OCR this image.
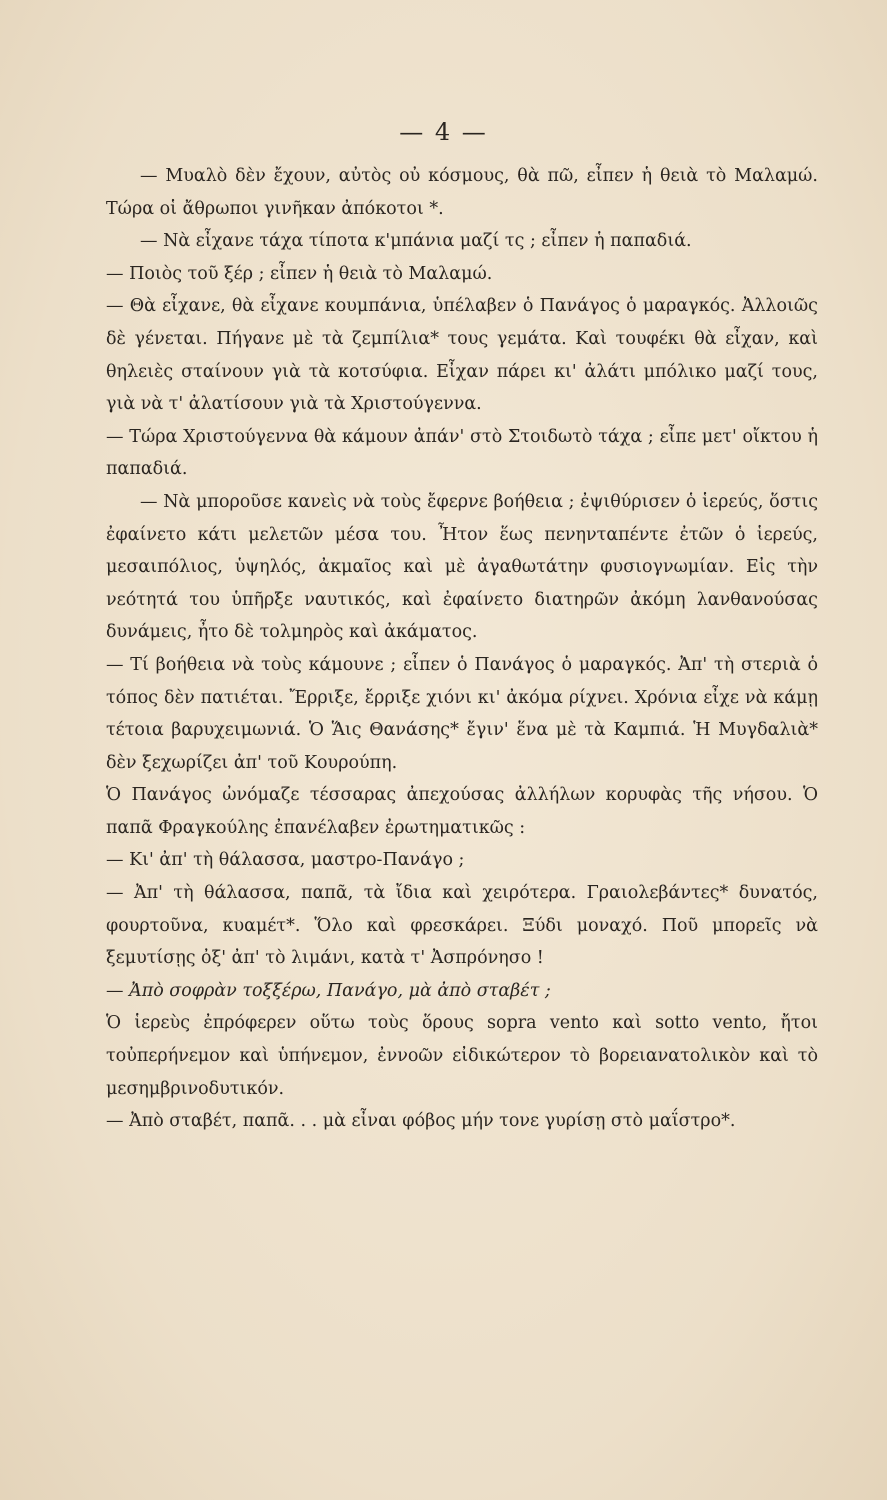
— 4 —

— Μυαλὸ δὲν ἔχουν, αὐτὸς οὐ κόσμους, θὰ πῶ, εἶπεν ἡ θειὰ τὸ Μαλαμώ. Τώρα οἱ ἄθρωποι γινῆκαν ἀπόκοτοι *.

— Νὰ εἶχανε τάχα τίποτα κ'μπάνια μαζί τς ; εἶπεν ἡ παπαδιά.

— Ποιὸς τοῦ ξέρ ; εἶπεν ἡ θειὰ τὸ Μαλαμώ.

— Θὰ εἶχανε, θὰ εἶχανε κουμπάνια, ὑπέλαβεν ὁ Πανάγος ὁ μαραγκός. Ἀλλοιῶς δὲ γένεται. Πήγανε μὲ τὰ ζεμπίλια* τους γεμάτα. Καὶ τουφέκι θὰ εἶχαν, καὶ θηλειὲς σταίνουν γιὰ τὰ κοτσύφια. Εἶχαν πάρει κι' ἀλάτι μπόλικο μαζί τους, γιὰ νὰ τ' ἀλατίσουν γιὰ τὰ Χριστούγεννα.

— Τώρα Χριστούγεννα θὰ κάμουν ἀπάν' στὸ Στοιδωτὸ τάχα ; εἶπε μετ' οἴκτου ἡ παπαδιά.

— Νὰ μποροῦσε κανεὶς νὰ τοὺς ἔφερνε βοήθεια ; ἐψιθύρισεν ὁ ἱερεύς, ὅστις ἐφαίνετο κάτι μελετῶν μέσα του. Ἦτον ἕως πενηνταπέντε ἐτῶν ὁ ἱερεύς, μεσαιπόλιος, ὑψηλός, ἀκμαῖος καὶ μὲ ἀγαθωτάτην φυσιογνωμίαν. Εἰς τὴν νεότητά του ὑπῆρξε ναυτικός, καὶ ἐφαίνετο διατηρῶν ἀκόμη λανθανούσας δυνάμεις, ἦτο δὲ τολμηρὸς καὶ ἀκάματος.

— Τί βοήθεια νὰ τοὺς κάμουνε ; εἶπεν ὁ Πανάγος ὁ μαραγκός. Ἀπ' τὴ στεριὰ ὁ τόπος δὲν πατιέται. Ἔρριξε, ἔρριξε χιόνι κι' ἀκόμα ρίχνει. Χρόνια εἶχε νὰ κάμῃ τέτοια βαρυχειμωνιά. Ὁ Ἅις Θανάσης* ἔγιν' ἕνα μὲ τὰ Καμπιά. Ἡ Μυγδαλιὰ* δὲν ξεχωρίζει ἀπ' τοῦ Κουρούπη.

Ὁ Πανάγος ὠνόμαζε τέσσαρας ἀπεχούσας ἀλλήλων κορυφὰς τῆς νήσου. Ὁ παπᾶ Φραγκούλης ἐπανέλαβεν ἐρωτηματικῶς :

— Κι' ἀπ' τὴ θάλασσα, μαστρο-Πανάγο ;

— Ἀπ' τὴ θάλασσα, παπᾶ, τὰ ἴδια καὶ χειρότερα. Γραιολεβάντες* δυνατός, φουρτοῦνα, κυαμέτ*. Ὅλο καὶ φρεσκάρει. Ξύδι μοναχό. Ποῦ μπορεῖς νὰ ξεμυτίσῃς ὀξ' ἀπ' τὸ λιμάνι, κατὰ τ' Ἀσπρόνησο !

— Ἀπὸ σοφρὰν τοξξέρω, Πανάγο, μὰ ἀπὸ σταβέτ ;

Ὁ ἱερεὺς ἐπρόφερεν οὕτω τοὺς ὅρους sopra vento καὶ sotto vento, ἤτοι τοὐπερήνεμον καὶ ὑπήνεμον, ἐννοῶν εἰδικώτερον τὸ βορειανατολικὸν καὶ τὸ μεσημβρινοδυτικόν.

— Ἀπὸ σταβέτ, παπᾶ. . . μὰ εἶναι φόβος μήν τονε γυρίσῃ στὸ μαΐστρο*.
